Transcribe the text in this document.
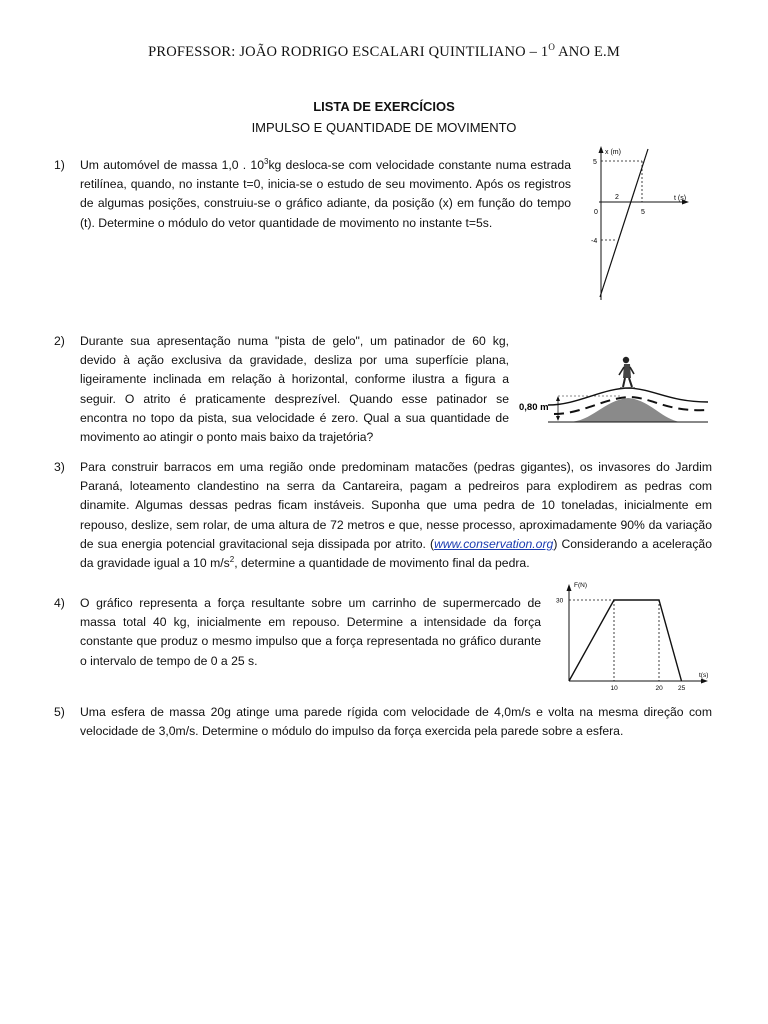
PROFESSOR: JOÃO RODRIGO ESCALARI QUINTILIANO – $1^O$ ANO E.M
LISTA DE EXERCÍCIOS
IMPULSO E QUANTIDADE DE MOVIMENTO
1) Um automóvel de massa 1,0 . $10^3kg$ desloca-se com velocidade constante numa estrada retilínea, quando, no instante t=0, inicia-se o estudo de seu movimento. Após os registros de algumas posições, construiu-se o gráfico adiante, da posição (x) em função do tempo (t). Determine o módulo do vetor quantidade de movimento no instante t=5s.
x (m)
t (s)
5
-4
0
2
5
2) Durante sua apresentação numa "pista de gelo", um patinador de 60 kg, devido à ação exclusiva da gravidade, desliza por uma superfície plana, ligeiramente inclinada em relação à horizontal, conforme ilustra a figura a seguir. O atrito é praticamente desprezível. Quando esse patinador se encontra no topo da pista, sua velocidade é zero. Qual a sua quantidade de movimento ao atingir o ponto mais baixo da trajetória?
0,80 m
3) Para construir barracos em uma região onde predominam matacões (pedras gigantes), os invasores do Jardim Paraná, loteamento clandestino na serra da Cantareira, pagam a pedreiros para explodirem as pedras com dinamite. Algumas dessas pedras ficam instáveis. Suponha que uma pedra de 10 toneladas, inicialmente em repouso, deslize, sem rolar, de uma altura de 72 metros e que, nesse processo, aproximadamente 90% da variação de sua energia potencial gravitacional seja dissipada por atrito. (www.conservation.org) Considerando a aceleração da gravidade igual a 10 $m/s^2$, determine a quantidade de movimento final da pedra.
4) O gráfico representa a força resultante sobre um carrinho de supermercado de massa total 40 kg, inicialmente em repouso. Determine a intensidade da força constante que produz o mesmo impulso que a força representada no gráfico durante o intervalo de tempo de 0 a 25 s.
F(N)
t(s)
30
10	20 25
5) Uma esfera de massa 20g atinge uma parede rígida com velocidade de 4,0m/s e volta na mesma direção com velocidade de 3,0m/s. Determine o módulo do impulso da força exercida pela parede sobre a esfera.
